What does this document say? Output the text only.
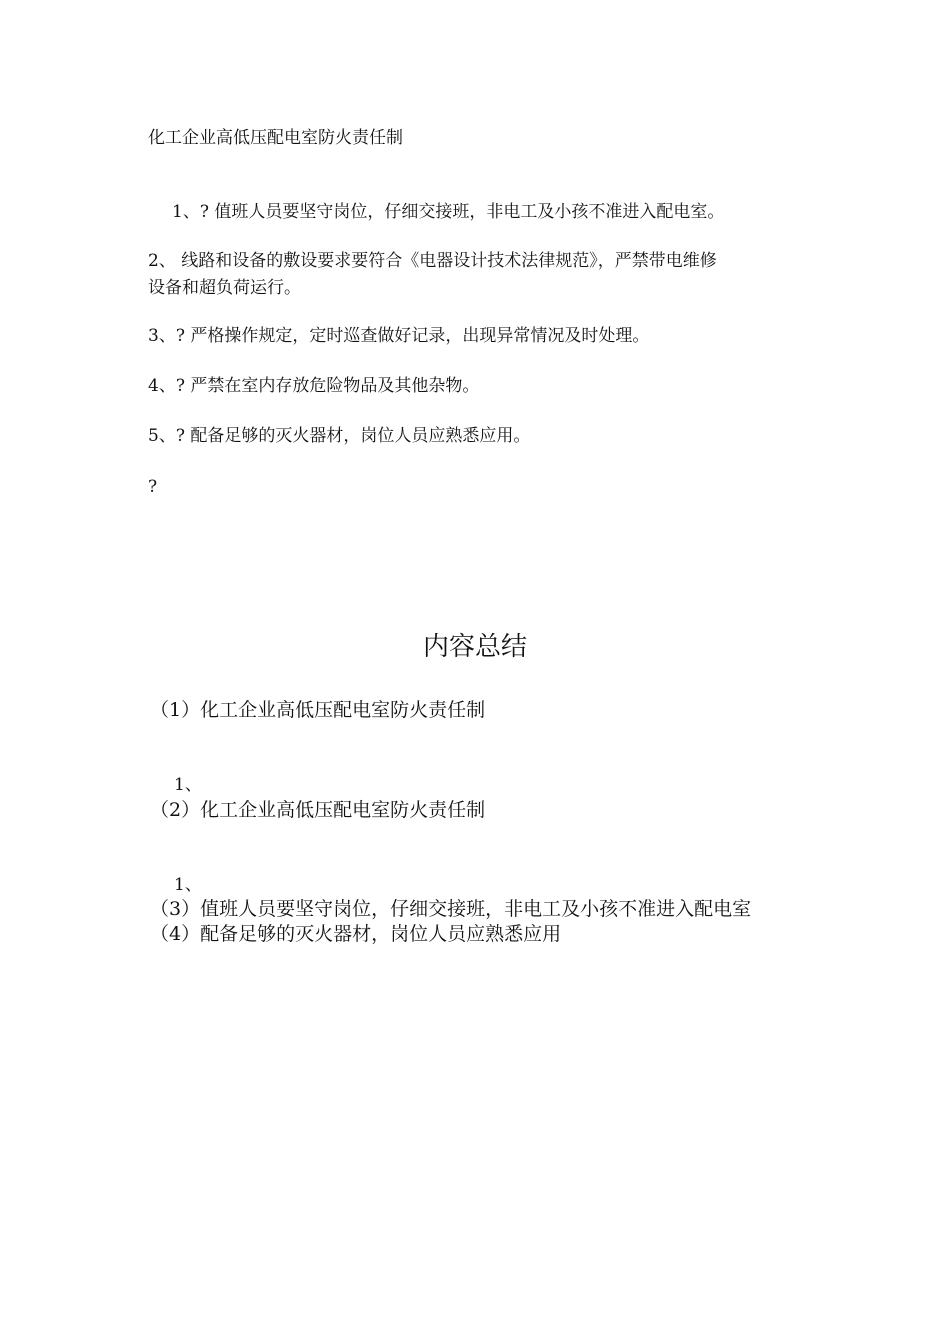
化工企业高低压配电室防火责任制

1、? 值班人员要坚守岗位，仔细交接班，非电工及小孩不准进入配电室。

2、 线路和设备的敷设要求要符合《电器设计技术法律规范》，严禁带电维修

设备和超负荷运行。

3、? 严格操作规定，定时巡查做好记录，出现异常情况及时处理。

4、? 严禁在室内存放危险物品及其他杂物。

5、? 配备足够的灭火器材，岗位人员应熟悉应用。

?

内容总结

（1）化工企业高低压配电室防火责任制

1、

（2）化工企业高低压配电室防火责任制

1、

（3）值班人员要坚守岗位，仔细交接班，非电工及小孩不准进入配电室

（4）配备足够的灭火器材，岗位人员应熟悉应用
